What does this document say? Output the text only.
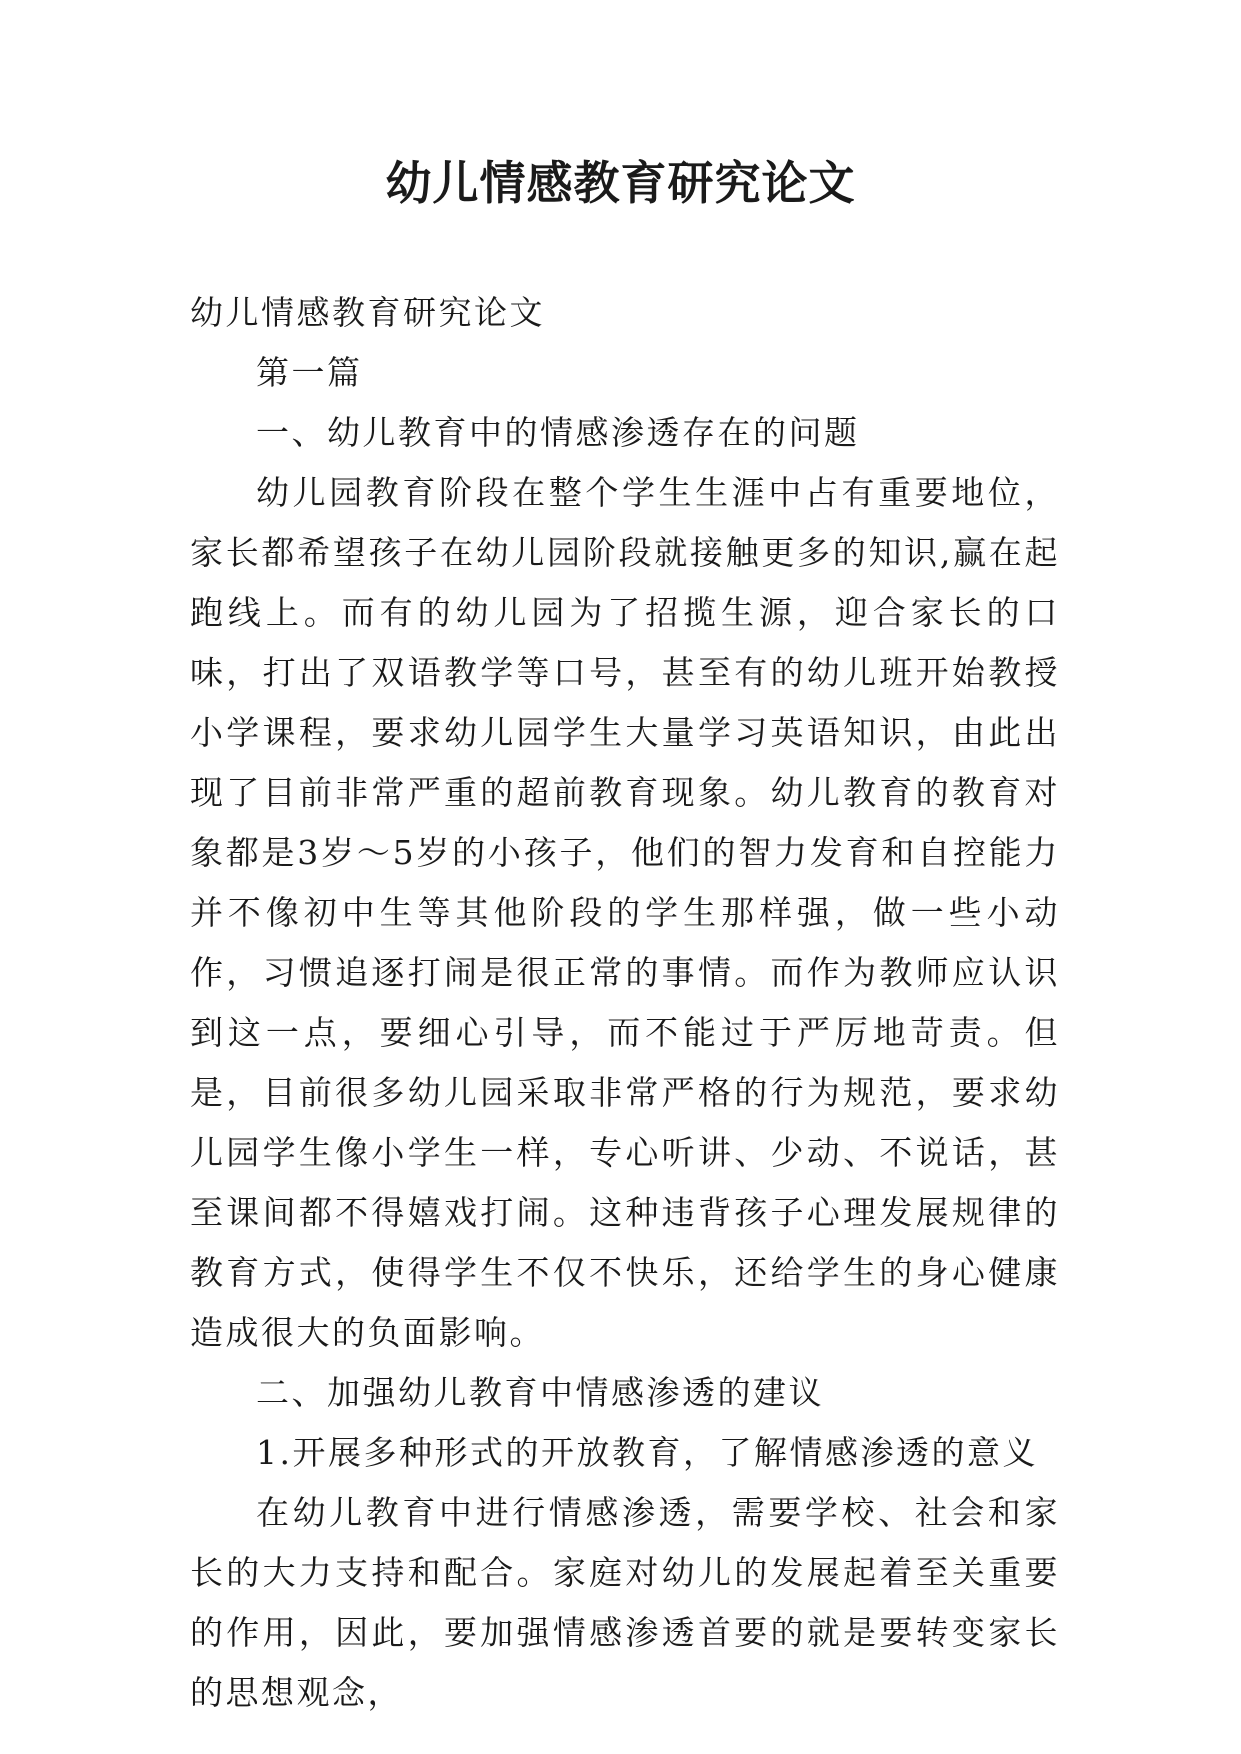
幼儿情感教育研究论文

幼儿情感教育研究论文

第一篇

一、幼儿教育中的情感渗透存在的问题

幼儿园教育阶段在整个学生生涯中占有重要地位，家长都希望孩子在幼儿园阶段就接触更多的知识,赢在起跑线上。而有的幼儿园为了招揽生源，迎合家长的口味，打出了双语教学等口号，甚至有的幼儿班开始教授小学课程，要求幼儿园学生大量学习英语知识，由此出现了目前非常严重的超前教育现象。幼儿教育的教育对象都是3岁～5岁的小孩子，他们的智力发育和自控能力并不像初中生等其他阶段的学生那样强，做一些小动作，习惯追逐打闹是很正常的事情。而作为教师应认识到这一点，要细心引导，而不能过于严厉地苛责。但是，目前很多幼儿园采取非常严格的行为规范，要求幼儿园学生像小学生一样，专心听讲、少动、不说话，甚至课间都不得嬉戏打闹。这种违背孩子心理发展规律的教育方式，使得学生不仅不快乐，还给学生的身心健康造成很大的负面影响。

二、加强幼儿教育中情感渗透的建议

1.开展多种形式的开放教育，了解情感渗透的意义

在幼儿教育中进行情感渗透，需要学校、社会和家长的大力支持和配合。家庭对幼儿的发展起着至关重要的作用，因此，要加强情感渗透首要的就是要转变家长的思想观念，
